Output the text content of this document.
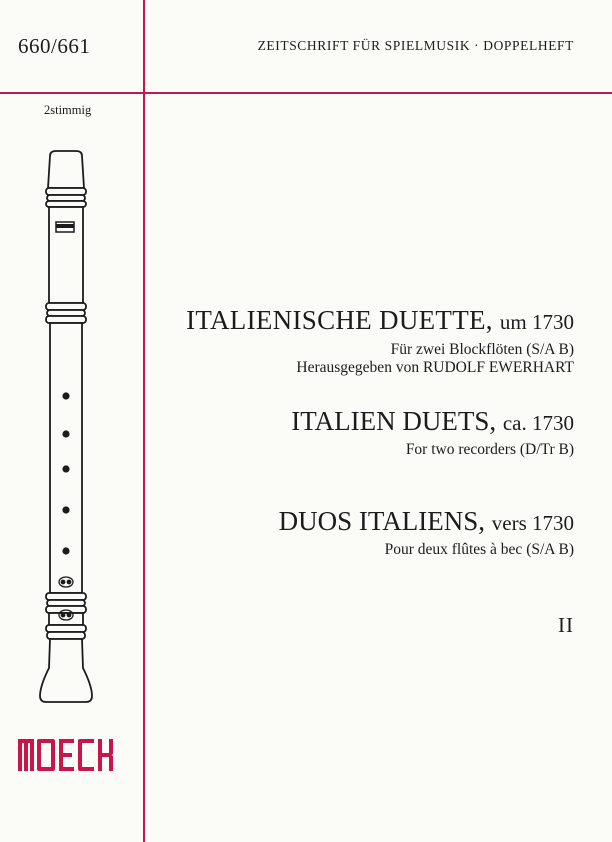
660/661	ZEITSCHRIFT FÜR SPIELMUSIK · DOPPELHEFT
2stimmig
ITALIENISCHE DUETTE, um 1730
Für zwei Blockflöten (S/A B)
Herausgegeben von RUDOLF EWERHART
ITALIEN DUETS, ca. 1730
For two recorders (D/Tr B)
DUOS ITALIENS, vers 1730
Pour deux flûtes à bec (S/A B)
II
